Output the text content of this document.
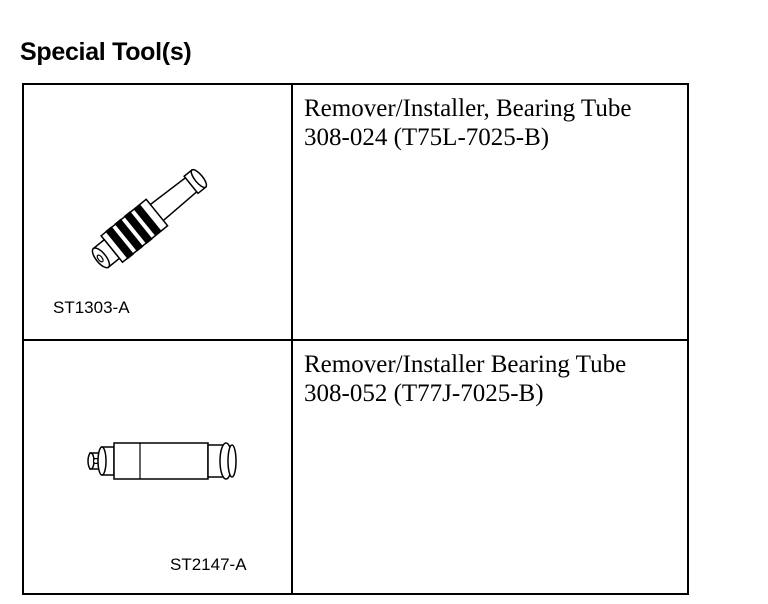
Special Tool(s)
ST1303-A
Remover/Installer, Bearing Tube
308-024 (T75L-7025-B)
ST2147-A
Remover/Installer Bearing Tube
308-052 (T77J-7025-B)
